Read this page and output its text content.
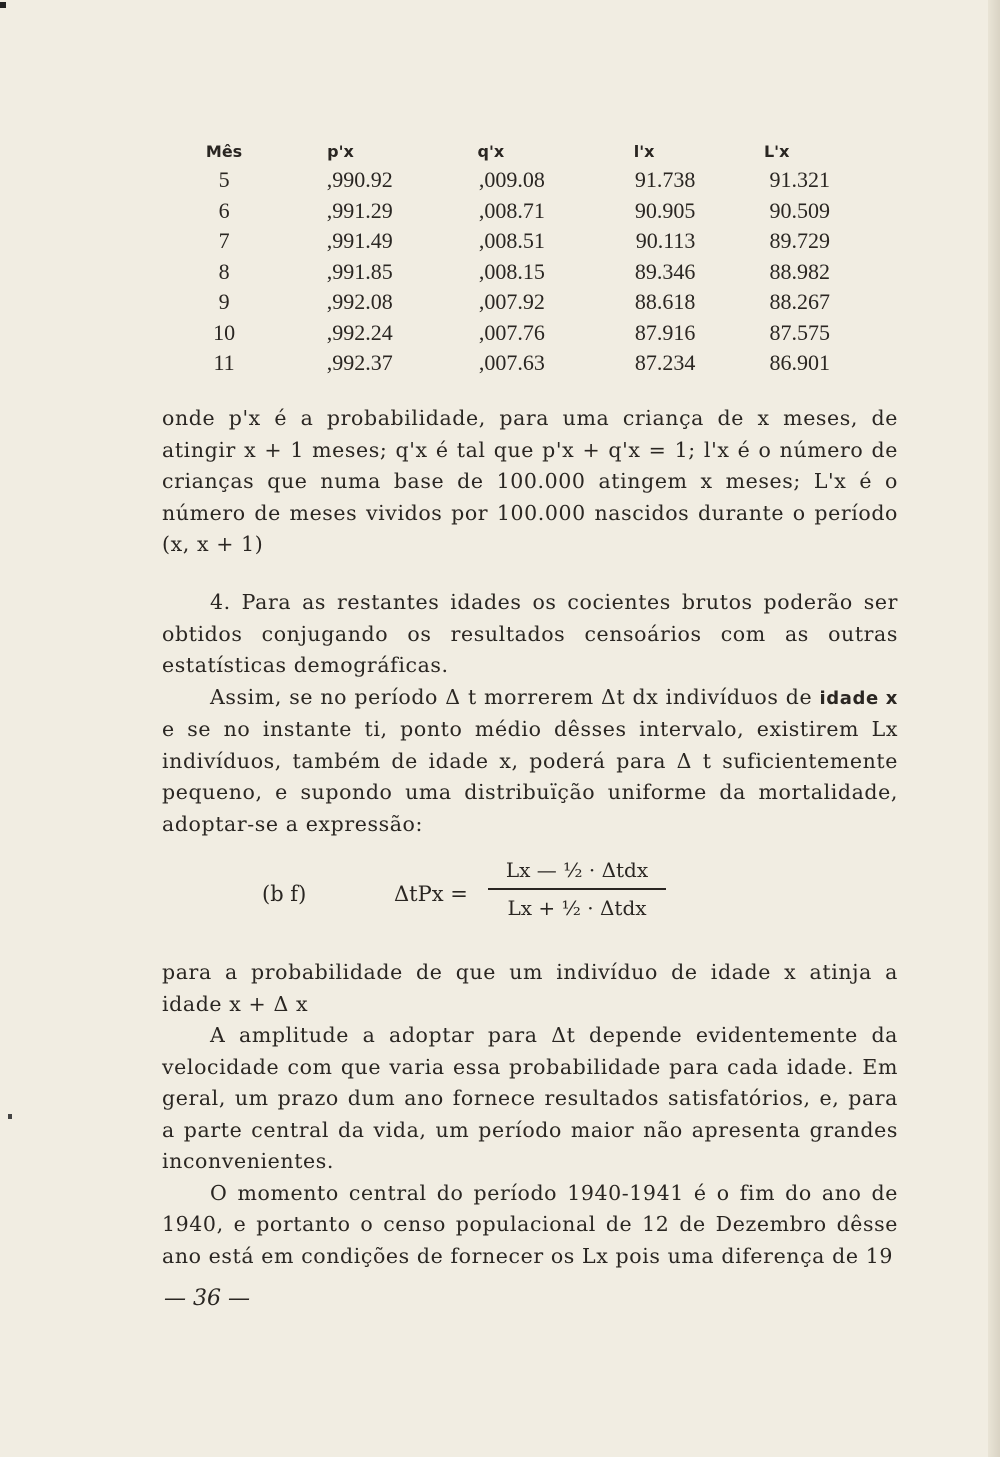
Mês	p'x	q'x	l'x	L'x
5	,990.92	,009.08	91.738	91.321
6	,991.29	,008.71	90.905	90.509
7	,991.49	,008.51	90.113	89.729
8	,991.85	,008.15	89.346	88.982
9	,992.08	,007.92	88.618	88.267
10	,992.24	,007.76	87.916	87.575
11	,992.37	,007.63	87.234	86.901

onde p'x é a probabilidade, para uma criança de x meses, de atingir x + 1 meses; q'x é tal que p'x + q'x = 1; l'x é o número de crianças que numa base de 100.000 atingem x meses; L'x é o número de meses vividos por 100.000 nascidos durante o período (x, x + 1)

4. Para as restantes idades os cocientes brutos poderão ser obtidos conjugando os resultados censoários com as outras estatísticas demográficas.

Assim, se no período Δ t morrerem Δt dx indivíduos de idade x e se no instante ti, ponto médio dêsses intervalo, existirem Lx indivíduos, também de idade x, poderá para Δ t suficientemente pequeno, e supondo uma distribuïção uniforme da mortalidade, adoptar-se a expressão:

(b f)	ΔtPx =
Lx — ½ · Δtdx
Lx + ½ · Δtdx

para a probabilidade de que um indivíduo de idade x atinja a idade x + Δ x

A amplitude a adoptar para Δt depende evidentemente da velocidade com que varia essa probabilidade para cada idade. Em geral, um prazo dum ano fornece resultados satisfatórios, e, para a parte central da vida, um período maior não apresenta grandes inconvenientes.

O momento central do período 1940-1941 é o fim do ano de 1940, e portanto o censo populacional de 12 de Dezembro dêsse ano está em condições de fornecer os Lx pois uma diferença de 19

— 36 —
